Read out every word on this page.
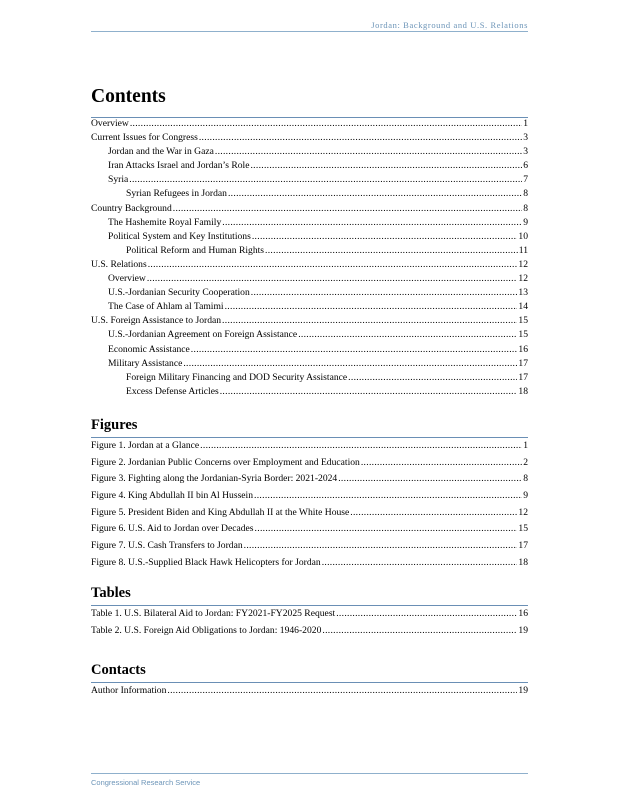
Jordan: Background and U.S. Relations
Contents
Overview .....	1
Current Issues for Congress .....	3
Jordan and the War in Gaza .....	3
Iran Attacks Israel and Jordan’s Role .....	6
Syria .....	7
Syrian Refugees in Jordan .....	8
Country Background .....	8
The Hashemite Royal Family .....	9
Political System and Key Institutions .....	10
Political Reform and Human Rights .....	11
U.S. Relations .....	12
Overview .....	12
U.S.-Jordanian Security Cooperation .....	13
The Case of Ahlam al Tamimi .....	14
U.S. Foreign Assistance to Jordan .....	15
U.S.-Jordanian Agreement on Foreign Assistance .....	15
Economic Assistance .....	16
Military Assistance .....	17
Foreign Military Financing and DOD Security Assistance .....	17
Excess Defense Articles .....	18
Figures
Figure 1. Jordan at a Glance .....	1
Figure 2. Jordanian Public Concerns over Employment and Education .....	2
Figure 3. Fighting along the Jordanian-Syria Border: 2021-2024 .....	8
Figure 4. King Abdullah II bin Al Hussein .....	9
Figure 5. President Biden and King Abdullah II at the White House .....	12
Figure 6. U.S. Aid to Jordan over Decades .....	15
Figure 7. U.S. Cash Transfers to Jordan .....	17
Figure 8. U.S.-Supplied Black Hawk Helicopters for Jordan .....	18
Tables
Table 1. U.S. Bilateral Aid to Jordan: FY2021-FY2025 Request .....	16
Table 2. U.S. Foreign Aid Obligations to Jordan: 1946-2020 .....	19
Contacts
Author Information .....	19
Congressional Research Service
